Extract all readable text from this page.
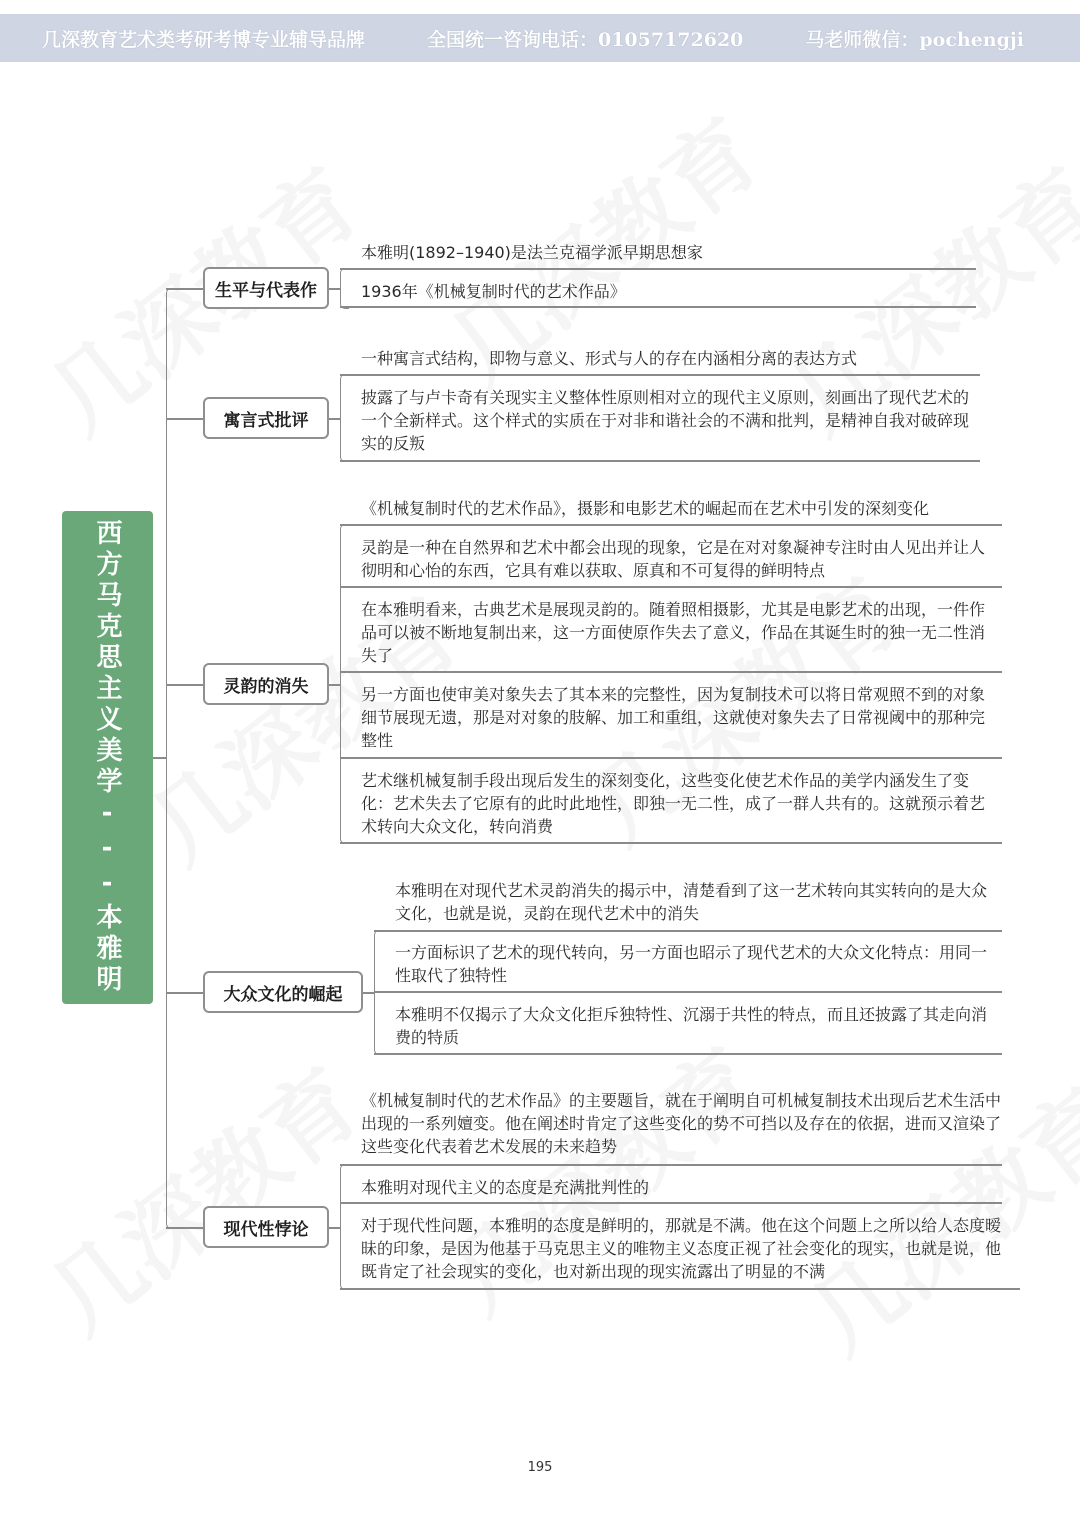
几深教育艺术类考研考博专业辅导品牌	全国统一咨询电话：01057172620	马老师微信：pochengji
西方马克思主义美学---本雅明
生平与代表作
本雅明(1892–1940)是法兰克福学派早期思想家
1936年《机械复制时代的艺术作品》
寓言式批评
一种寓言式结构，即物与意义、形式与人的存在内涵相分离的表达方式
披露了与卢卡奇有关现实主义整体性原则相对立的现代主义原则，刻画出了现代艺术的一个全新样式。这个样式的实质在于对非和谐社会的不满和批判，是精神自我对破碎现实的反叛
灵韵的消失
《机械复制时代的艺术作品》，摄影和电影艺术的崛起而在艺术中引发的深刻变化
灵韵是一种在自然界和艺术中都会出现的现象，它是在对对象凝神专注时由人见出并让人彻明和心怡的东西，它具有难以获取、原真和不可复得的鲜明特点
在本雅明看来，古典艺术是展现灵韵的。随着照相摄影，尤其是电影艺术的出现，一件作品可以被不断地复制出来，这一方面使原作失去了意义，作品在其诞生时的独一无二性消失了
另一方面也使审美对象失去了其本来的完整性，因为复制技术可以将日常观照不到的对象细节展现无遗，那是对对象的肢解、加工和重组，这就使对象失去了日常视阈中的那种完整性
艺术继机械复制手段出现后发生的深刻变化，这些变化使艺术作品的美学内涵发生了变化：艺术失去了它原有的此时此地性，即独一无二性，成了一群人共有的。这就预示着艺术转向大众文化，转向消费
大众文化的崛起
本雅明在对现代艺术灵韵消失的揭示中，清楚看到了这一艺术转向其实转向的是大众文化，也就是说，灵韵在现代艺术中的消失
一方面标识了艺术的现代转向，另一方面也昭示了现代艺术的大众文化特点：用同一性取代了独特性
本雅明不仅揭示了大众文化拒斥独特性、沉溺于共性的特点，而且还披露了其走向消费的特质
现代性悖论
《机械复制时代的艺术作品》的主要题旨，就在于阐明自可机械复制技术出现后艺术生活中出现的一系列嬗变。他在阐述时肯定了这些变化的势不可挡以及存在的依据，进而又渲染了这些变化代表着艺术发展的未来趋势
本雅明对现代主义的态度是充满批判性的
对于现代性问题，本雅明的态度是鲜明的，那就是不满。他在这个问题上之所以给人态度暧昧的印象，是因为他基于马克思主义的唯物主义态度正视了社会变化的现实，也就是说，他既肯定了社会现实的变化，也对新出现的现实流露出了明显的不满
195
